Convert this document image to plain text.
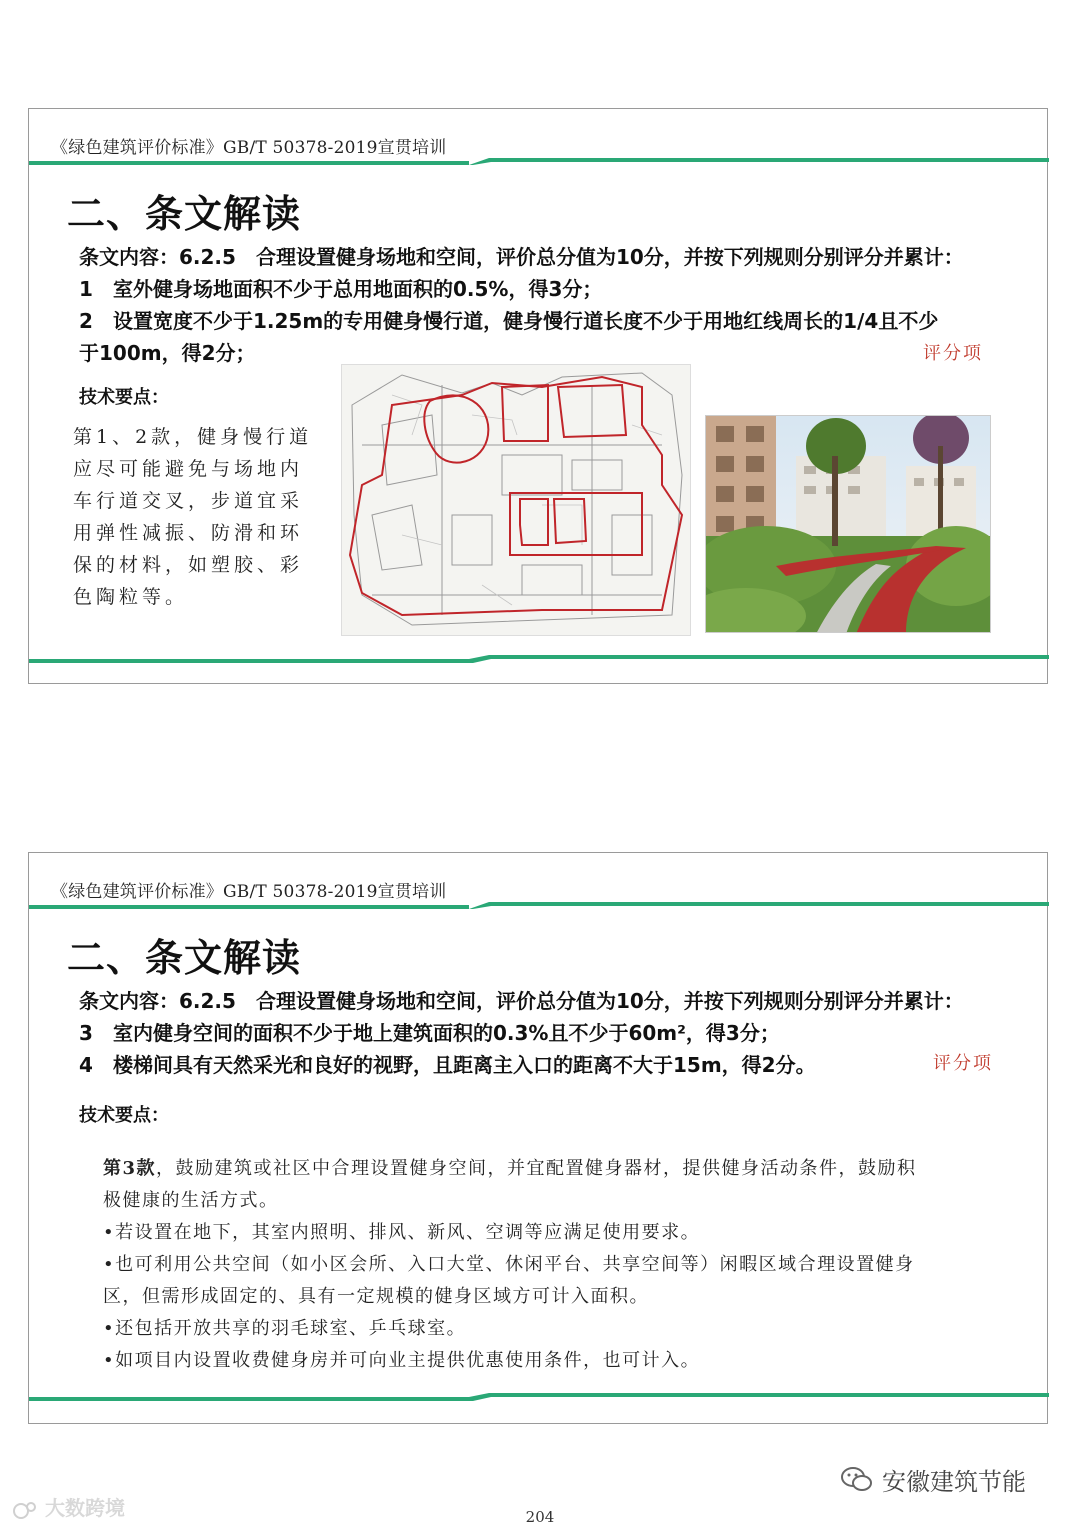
《绿色建筑评价标准》GB/T 50378-2019宣贯培训
二、条文解读
条文内容：6.2.5　合理设置健身场地和空间，评价总分值为10分，并按下列规则分别评分并累计：
1 室外健身场地面积不少于总用地面积的0.5%，得3分；
2 设置宽度不少于1.25m的专用健身慢行道，健身慢行道长度不少于用地红线周长的1/4且不少
于100m，得2分；	评分项
技术要点：
第1、2款，健身慢行道应尽可能避免与场地内车行道交叉，步道宜采用弹性减振、防滑和环保的材料，如塑胶、彩色陶粒等。
《绿色建筑评价标准》GB/T 50378-2019宣贯培训
二、条文解读
条文内容：6.2.5　合理设置健身场地和空间，评价总分值为10分，并按下列规则分别评分并累计：
3 室内健身空间的面积不少于地上建筑面积的0.3%且不少于60m²，得3分；
4 楼梯间具有天然采光和良好的视野，且距离主入口的距离不大于15m，得2分。	评分项
技术要点：

第3款，鼓励建筑或社区中合理设置健身空间，并宜配置健身器材，提供健身活动条件，鼓励积极健康的生活方式。

•若设置在地下，其室内照明、排风、新风、空调等应满足使用要求。

•也可利用公共空间（如小区会所、入口大堂、休闲平台、共享空间等）闲暇区域合理设置健身区，但需形成固定的、具有一定规模的健身区域方可计入面积。

•还包括开放共享的羽毛球室、乒乓球室。

•如项目内设置收费健身房并可向业主提供优惠使用条件，也可计入。

大数跨境
安徽建筑节能
204
